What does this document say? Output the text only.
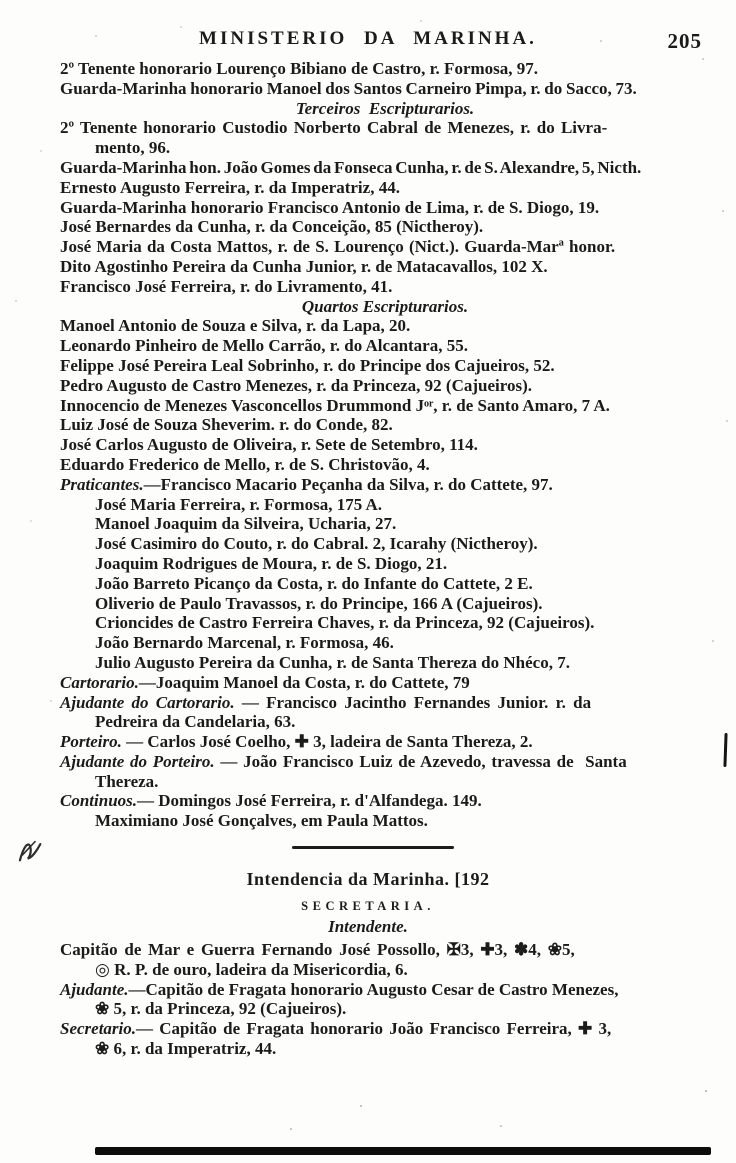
MINISTERIO DA MARINHA.	205
2º Tenente honorario Lourenço Bibiano de Castro, r. Formosa, 97.
Guarda-Marinha honorario Manoel dos Santos Carneiro Pimpa, r. do Sacco, 73.
Terceiros  Escripturarios.
2º Tenente honorario Custodio Norberto Cabral de Menezes, r. do Livra-
mento, 96.
Guarda-Marinha hon. João Gomes da Fonseca Cunha, r. de S. Alexandre, 5, Nicth.
Ernesto Augusto Ferreira, r. da Imperatriz, 44.
Guarda-Marinha honorario Francisco Antonio de Lima, r. de S. Diogo, 19.
José Bernardes da Cunha, r. da Conceição, 85 (Nictheroy).
José Maria da Costa Mattos, r. de S. Lourenço (Nict.). Guarda-Marª honor.
Dito Agostinho Pereira da Cunha Junior, r. de Matacavallos, 102 X.
Francisco José Ferreira, r. do Livramento, 41.
Quartos Escripturarios.
Manoel Antonio de Souza e Silva, r. da Lapa, 20.
Leonardo Pinheiro de Mello Carrão, r. do Alcantara, 55.
Felippe José Pereira Leal Sobrinho, r. do Principe dos Cajueiros, 52.
Pedro Augusto de Castro Menezes, r. da Princeza, 92 (Cajueiros).
Innocencio de Menezes Vasconcellos Drummond Jᵒʳ, r. de Santo Amaro, 7 A.
Luiz José de Souza Sheverim. r. do Conde, 82.
José Carlos Augusto de Oliveira, r. Sete de Setembro, 114.
Eduardo Frederico de Mello, r. de S. Christovão, 4.
Praticantes.—Francisco Macario Peçanha da Silva, r. do Cattete, 97.
José Maria Ferreira, r. Formosa, 175 A.
Manoel Joaquim da Silveira, Ucharia, 27.
José Casimiro do Couto, r. do Cabral. 2, Icarahy (Nictheroy).
Joaquim Rodrigues de Moura, r. de S. Diogo, 21.
João Barreto Picanço da Costa, r. do Infante do Cattete, 2 E.
Oliverio de Paulo Travassos, r. do Principe, 166 A (Cajueiros).
Crioncides de Castro Ferreira Chaves, r. da Princeza, 92 (Cajueiros).
João Bernardo Marcenal, r. Formosa, 46.
Julio Augusto Pereira da Cunha, r. de Santa Thereza do Nhéco, 7.
Cartorario.—Joaquim Manoel da Costa, r. do Cattete, 79
Ajudante do Cartorario. — Francisco Jacintho Fernandes Junior. r. da
Pedreira da Candelaria, 63.
Porteiro. — Carlos José Coelho, ✚ 3, ladeira de Santa Thereza, 2.
Ajudante do Porteiro. — João Francisco Luiz de Azevedo, travessa de  Santa
Thereza.
Continuos.— Domingos José Ferreira, r. d'Alfandega. 149.
Maximiano José Gonçalves, em Paula Mattos.
Intendencia da Marinha. [192
SECRETARIA.
Intendente.
Capitão de Mar e Guerra Fernando José Possollo, ✠3, ✚3, ✽4, ❀5,
◎ R. P. de ouro, ladeira da Misericordia, 6.
Ajudante.—Capitão de Fragata honorario Augusto Cesar de Castro Menezes,
❀ 5, r. da Princeza, 92 (Cajueiros).
Secretario.— Capitão de Fragata honorario João Francisco Ferreira, ✚ 3,
❀ 6, r. da Imperatriz, 44.
